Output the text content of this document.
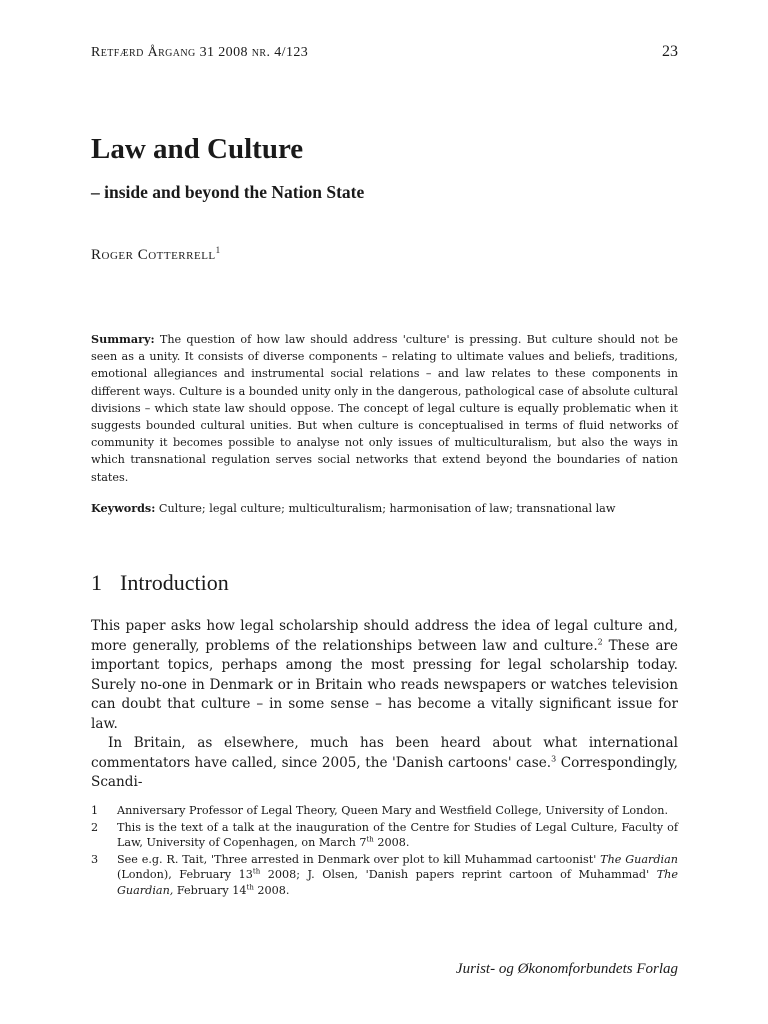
Retfærd Årgang 31 2008 nr. 4/123	23
Law and Culture
– inside and beyond the Nation State
Roger Cotterrell$^1$

Summary: The question of how law should address 'culture' is pressing. But culture should not be seen as a unity. It consists of diverse components – relating to ultimate values and beliefs, traditions, emotional allegiances and instrumental social relations – and law relates to these components in different ways. Culture is a bounded unity only in the dangerous, pathological case of absolute cultural divisions – which state law should oppose. The concept of legal culture is equally problematic when it suggests bounded cultural unities. But when culture is conceptualised in terms of fluid networks of community it becomes possible to analyse not only issues of multiculturalism, but also the ways in which transnational regulation serves social networks that extend beyond the boundaries of nation states.

Keywords: Culture; legal culture; multiculturalism; harmonisation of law; transnational law

1 Introduction

This paper asks how legal scholarship should address the idea of legal culture and, more generally, problems of the relationships between law and culture.$^2$ These are important topics, perhaps among the most pressing for legal scholarship today. Surely no-one in Denmark or in Britain who reads newspapers or watches television can doubt that culture – in some sense – has become a vitally significant issue for law.

In Britain, as elsewhere, much has been heard about what international commentators have called, since 2005, the 'Danish cartoons' case.$^3$ Correspondingly, Scandi-

1	Anniversary Professor of Legal Theory, Queen Mary and Westfield College, University of London.
2	This is the text of a talk at the inauguration of the Centre for Studies of Legal Culture, Faculty of Law, University of Copenhagen, on March 7th 2008.
3	See e.g. R. Tait, 'Three arrested in Denmark over plot to kill Muhammad cartoonist' The Guardian (London), February 13th 2008; J. Olsen, 'Danish papers reprint cartoon of Muhammad' The Guardian, February 14th 2008.
Jurist- og Økonomforbundets Forlag
